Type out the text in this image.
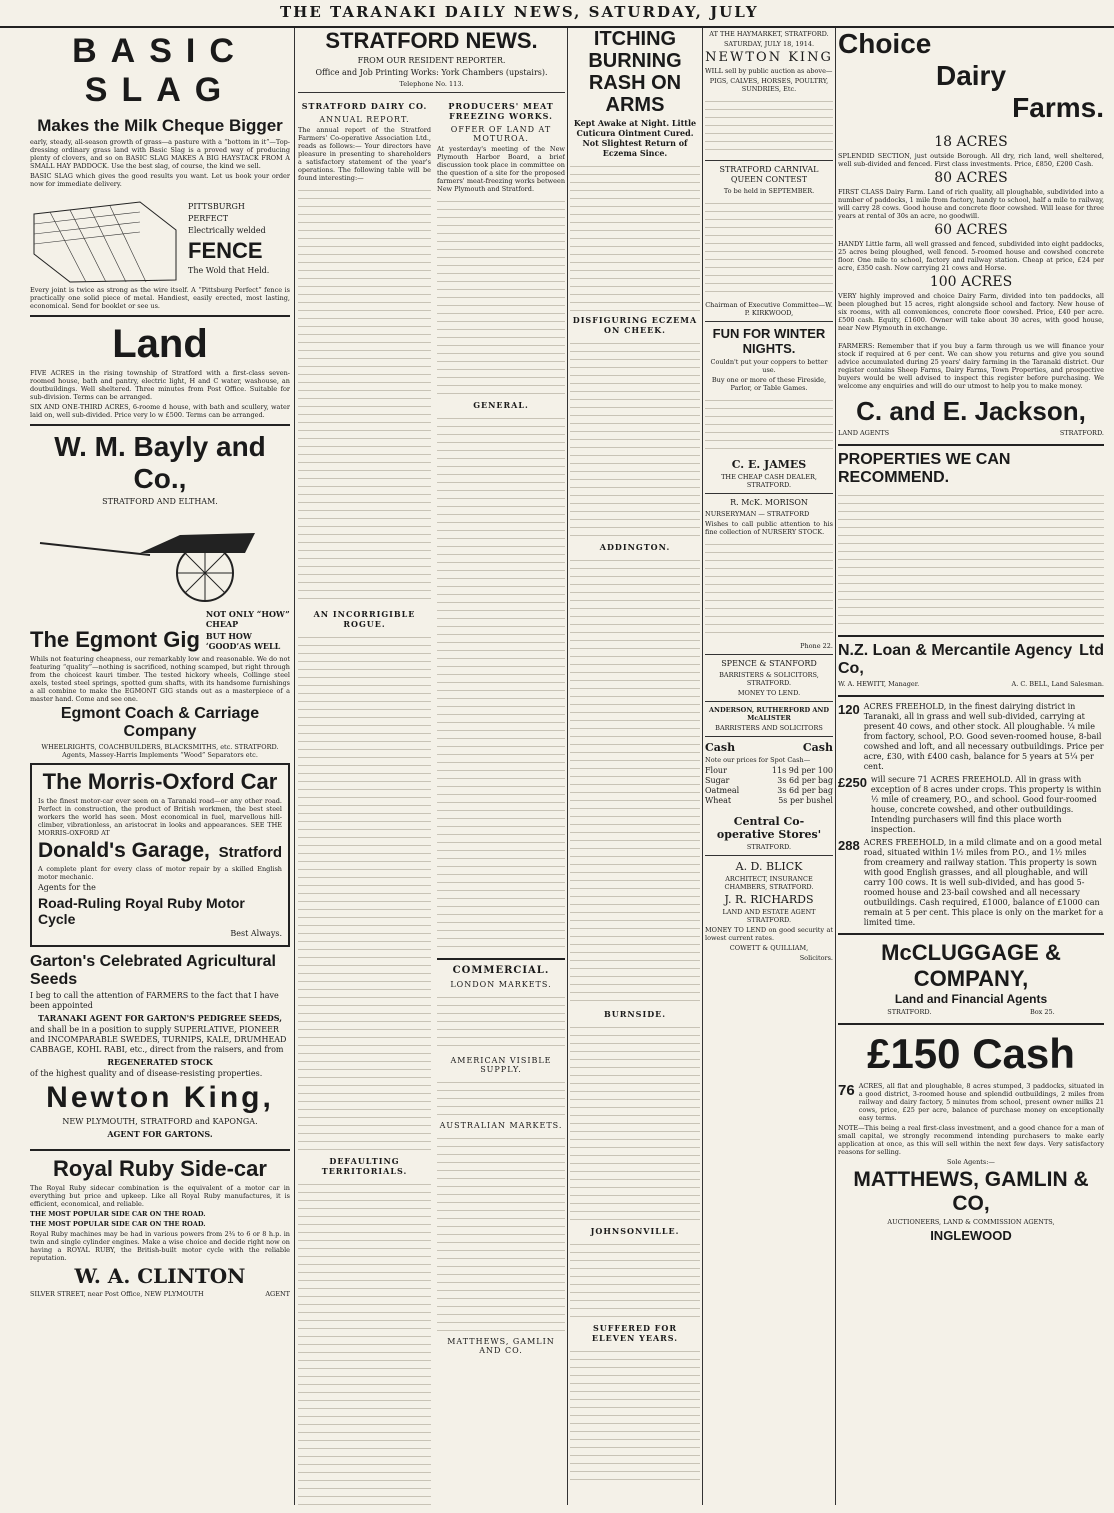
THE TARANAKI DAILY NEWS, SATURDAY, JULY
BASIC SLAG
Makes the Milk Cheque Bigger

early, steady, all-season growth of grass—a pasture with a “bottom in it”—Top-dressing ordinary grass land with Basic Slag is a proved way of producing plenty of clovers, and so on BASIC SLAG MAKES A BIG HAYSTACK FROM A SMALL HAY PADDOCK. Use the best slag, of course, the kind we sell.

BASIC SLAG which gives the good results you want. Let us book your order now for immediate delivery.

PITTSBURGH
PERFECT
Electrically welded
FENCE
The Wold that Held.

Every joint is twice as strong as the wire itself. A “Pittsburg Perfect” fence is practically one solid piece of metal. Handiest, easily erected, most lasting, economical. Send for booklet or see us.

Land

FIVE ACRES in the rising township of Stratford with a first-class seven-roomed house, bath and pantry, electric light, H and C water, washouse, an doutbuildings. Well sheltered. Three minutes from Post Office. Suitable for sub-division. Terms can be arranged.

SIX AND ONE-THIRD ACRES, 6-roome d house, with bath and scullery, water laid on, well sub-divided. Price very lo w £500. Terms can be arranged.

W. M. Bayly and Co.,
STRATFORD AND ELTHAM.
The Egmont Gig
NOT ONLY “HOW” CHEAP
BUT HOW ‘GOOD’AS WELL

Whils not featuring cheapness, our remarkably low and reasonable. We do not featuring “quality”—nothing is sacrificed, nothing scamped, but right through from the choicest kauri timber. The tested hickory wheels, Collinge steel axels, tested steel springs, spotted gum shafts, with its handsome furnishings a all combine to make the EGMONT GIG stands out as a masterpiece of a master hand. Come and see one.

Egmont Coach & Carriage Company

WHEELRIGHTS, COACHBUILDERS, BLACKSMITHS, etc. STRATFORD. Agents, Massey-Harris Implements “Wood” Separators etc.

The Morris-Oxford Car

Is the finest motor-car ever seen on a Taranaki road—or any other road. Perfect in construction, the product of British workmen, the best steel workers the world has seen. Most economical in fuel, marvellous hill-climber, vibrationless, an aristocrat in looks and appearances. SEE THE MORRIS-OXFORD AT

Donald's Garage, Stratford

A complete plant for every class of motor repair by a skilled English motor mechanic.

Agents for the
Road-Ruling Royal Ruby Motor Cycle
Best Always.
Garton's Celebrated Agricultural Seeds

I beg to call the attention of FARMERS to the fact that I have been appointed

TARANAKI AGENT FOR GARTON'S PEDIGREE SEEDS,

and shall be in a position to supply SUPERLATIVE, PIONEER and INCOMPARABLE SWEDES, TURNIPS, KALE, DRUMHEAD CABBAGE, KOHL RABI, etc., direct from the raisers, and from

REGENERATED STOCK

of the highest quality and of disease-resisting properties.

Newton King,
NEW PLYMOUTH, STRATFORD and KAPONGA.
AGENT FOR GARTONS.
Royal Ruby Side-car

The Royal Ruby sidecar combination is the equivalent of a motor car in everything but price and upkeep. Like all Royal Ruby manufactures, it is efficient, economical, and reliable.

THE MOST POPULAR SIDE CAR ON THE ROAD.
THE MOST POPULAR SIDE CAR ON THE ROAD.

Royal Ruby machines may be had in various powers from 2¾ to 6 or 8 h.p. in twin and single cylinder engines. Make a wise choice and decide right now on having a ROYAL RUBY, the British-built motor cycle with the reliable reputation.

W. A. CLINTON
SILVER STREET, near Post Office, NEW PLYMOUTH	AGENT
STRATFORD NEWS.
FROM OUR RESIDENT REPORTER.
Office and Job Printing Works: York Chambers (upstairs).
Telephone No. 113.
STRATFORD DAIRY CO.
ANNUAL REPORT.

The annual report of the Stratford Farmers' Co-operative Association Ltd., reads as follows:— Your directors have pleasure in presenting to shareholders a satisfactory statement of the year's operations. The following table will be found interesting:—

AN INCORRIGIBLE ROGUE.
DEFAULTING TERRITORIALS.
PRODUCERS' MEAT FREEZING WORKS.
OFFER OF LAND AT MOTUROA.

At yesterday's meeting of the New Plymouth Harbor Board, a brief discussion took place in committee on the question of a site for the proposed farmers' meat-freezing works between New Plymouth and Stratford.

GENERAL.
COMMERCIAL.
LONDON MARKETS.
AMERICAN VISIBLE SUPPLY.
AUSTRALIAN MARKETS.
MATTHEWS, GAMLIN AND CO.
ITCHING BURNING RASH ON ARMS
Kept Awake at Night. Little Cuticura Ointment Cured. Not Slightest Return of Eczema Since.
DISFIGURING ECZEMA ON CHEEK.
ADDINGTON.
BURNSIDE.
JOHNSONVILLE.
SUFFERED FOR ELEVEN YEARS.
AT THE HAYMARKET, STRATFORD.
SATURDAY, JULY 18, 1914.
NEWTON KING
WILL sell by public auction as above—
PIGS, CALVES, HORSES, POULTRY, SUNDRIES, Etc.
STRATFORD CARNIVAL QUEEN CONTEST
To be held in SEPTEMBER.
Chairman of Executive Committee—W. P. KIRKWOOD,
FUN FOR WINTER NIGHTS.
Couldn't put your coppers to better use.
Buy one or more of these Fireside, Parlor, or Table Games.
C. E. JAMES
THE CHEAP CASH DEALER, STRATFORD.
R. McK. MORISON
NURSERYMAN — STRATFORD
Wishes to call public attention to his fine collection of NURSERY STOCK.
Phone 22.
SPENCE & STANFORD
BARRISTERS & SOLICITORS, STRATFORD.
MONEY TO LEND.
ANDERSON, RUTHERFORD AND McALISTER
BARRISTERS AND SOLICITORS
Cash	Cash
Note our prices for Spot Cash—
Flour	11s 9d per 100
Sugar	3s 6d per bag
Oatmeal	3s 6d per bag
Wheat	5s per bushel
Central Co-operative Stores'
STRATFORD.
A. D. BLICK
ARCHITECT, INSURANCE CHAMBERS, STRATFORD.
J. R. RICHARDS
LAND AND ESTATE AGENT STRATFORD.
MONEY TO LEND on good security at lowest current rates.
COWETT & QUILLIAM,
Solicitors.
Choice
Dairy
Farms.
18 ACRES

SPLENDID SECTION, just outside Borough. All dry, rich land, well sheltered, well sub-divided and fenced. First class investments. Price, £850, £200 Cash.

80 ACRES

FIRST CLASS Dairy Farm. Land of rich quality, all ploughable, subdivided into a number of paddocks, 1 mile from factory, handy to school, half a mile to railway, will carry 28 cows. Good house and concrete floor cowshed. Will lease for three years at rental of 30s an acre, no goodwill.

60 ACRES

HANDY Little farm, all well grassed and fenced, subdivided into eight paddocks, 25 acres being ploughed, well fenced. 5-roomed house and cowshed concrete floor. One mile to school, factory and railway station. Cheap at price, £24 per acre, £350 cash. Now carrying 21 cows and Horse.

100 ACRES

VERY highly improved and choice Dairy Farm, divided into ten paddocks, all been ploughed but 15 acres, right alongside school and factory. New house of six rooms, with all conveniences, concrete floor cowshed. Price, £40 per acre. £500 cash. Equity, £1600. Owner will take about 30 acres, with good house, near New Plymouth in exchange.

FARMERS: Remember that if you buy a farm through us we will finance your stock if required at 6 per cent. We can show you returns and give you sound advice accumulated during 25 years' dairy farming in the Taranaki district. Our register contains Sheep Farms, Dairy Farms, Town Properties, and prospective buyers would be well advised to inspect this register before purchasing. We welcome any enquiries and will do our utmost to help you to make money.

C. and E. Jackson,
LAND AGENTS	STRATFORD.
PROPERTIES WE CAN RECOMMEND.
N.Z. Loan & Mercantile Agency Co,
Ltd
W. A. HEWITT, Manager.	A. C. BELL, Land Salesman.
120 ACRES FREEHOLD, in the finest dairying district in Taranaki, all in grass and well sub-divided, carrying at present 40 cows, and other stock. All ploughable. ¼ mile from factory, school, P.O. Good seven-roomed house, 8-bail cowshed and loft, and all necessary outbuildings. Price per acre, £30, with £400 cash, balance for 5 years at 5¼ per cent.

£250 will secure 71 ACRES FREEHOLD. All in grass with exception of 8 acres under crops. This property is within ½ mile of creamery, P.O., and school. Good four-roomed house, concrete cowshed, and other outbuildings. Intending purchasers will find this place worth inspection.

288 ACRES FREEHOLD, in a mild climate and on a good metal road, situated within 1½ miles from P.O., and 1½ miles from creamery and railway station. This property is sown with good English grasses, and all ploughable, and will carry 100 cows. It is well sub-divided, and has good 5-roomed house and 23-bail cowshed and all necessary outbuildings. Cash required, £1000, balance of £1000 can remain at 5 per cent. This place is only on the market for a limited time.

McCLUGGAGE & COMPANY,
Land and Financial Agents
STRATFORD.	Box 25.
£150 Cash
76 ACRES, all flat and ploughable, 8 acres stumped, 3 paddocks, situated in a good district, 3-roomed house and splendid outbuildings, 2 miles from railway and dairy factory, 5 minutes from school, present owner milks 21 cows, price, £25 per acre, balance of purchase money on exceptionally easy terms.

NOTE—This being a real first-class investment, and a good chance for a man of small capital, we strongly recommend intending purchasers to make early application at once, as this will sell within the next few days. Very satisfactory reasons for selling.

Sole Agents:—
MATTHEWS, GAMLIN & CO,
AUCTIONEERS, LAND & COMMISSION AGENTS,
INGLEWOOD
